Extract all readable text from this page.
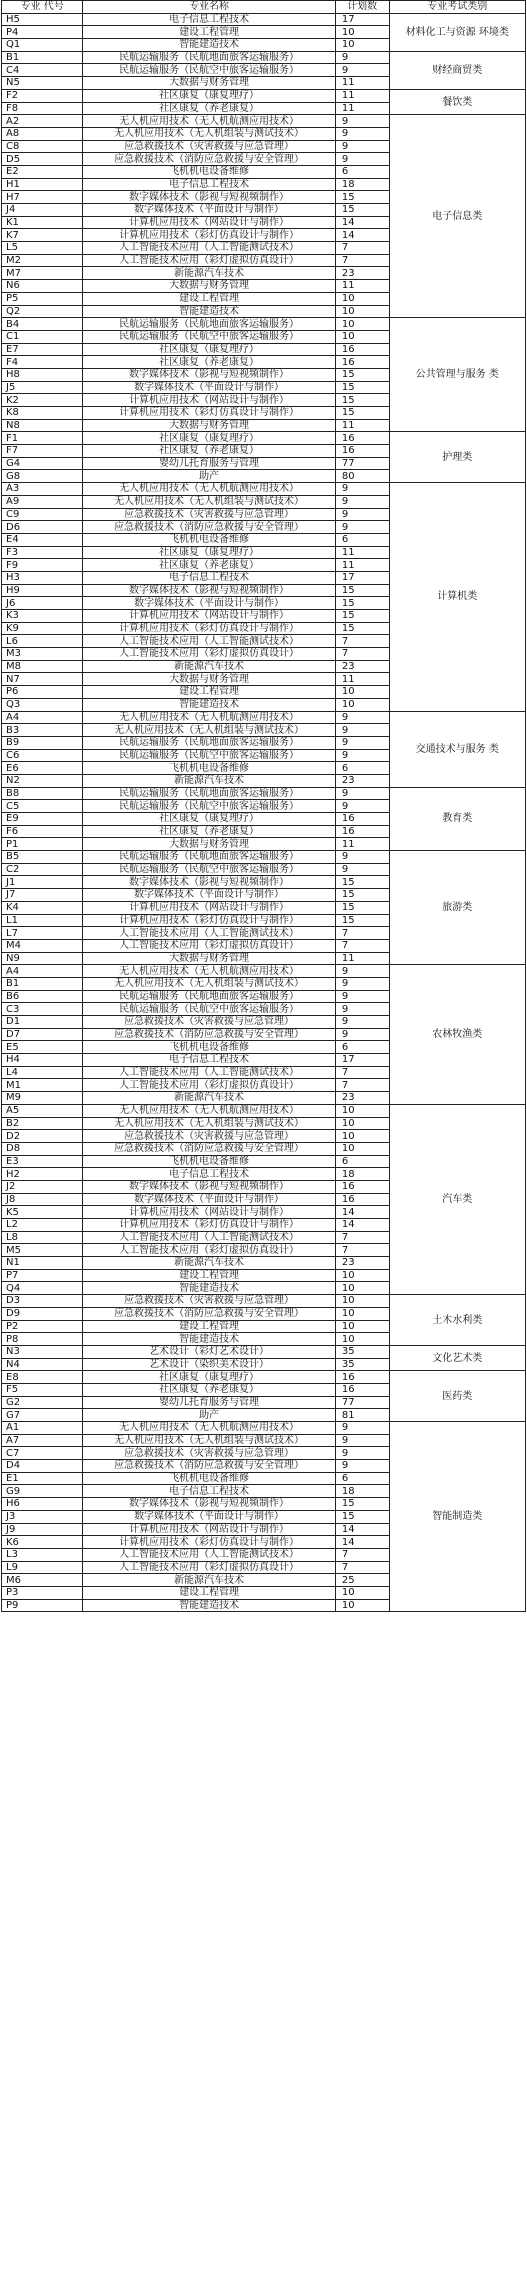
专业 代号	专业名称	计划数	专业考试类别
H5	电子信息工程技术	17	材料化工与资源 环境类
P4	建设工程管理	10	
Q1	智能建造技术	10	
B1	民航运输服务（民航地面旅客运输服务）	9	财经商贸类
C4	民航运输服务（民航空中旅客运输服务）	9	
N5	大数据与财务管理	11	
F2	社区康复（康复理疗）	11	餐饮类
F8	社区康复（养老康复）	11	
A2	无人机应用技术（无人机航测应用技术）	9	电子信息类
A8	无人机应用技术（无人机组装与测试技术）	9	
C8	应急救援技术（灾害救援与应急管理）	9	
D5	应急救援技术（消防应急救援与安全管理）	9	
E2	飞机机电设备维修	6	
H1	电子信息工程技术	18	
H7	数字媒体技术（影视与短视频制作）	15	
J4	数字媒体技术（平面设计与制作）	15	
K1	计算机应用技术（网站设计与制作）	14	
K7	计算机应用技术（彩灯仿真设计与制作）	14	
L5	人工智能技术应用（人工智能测试技术）	7	
M2	人工智能技术应用（彩灯虚拟仿真设计）	7	
M7	新能源汽车技术	23	
N6	大数据与财务管理	11	
P5	建设工程管理	10	
Q2	智能建造技术	10	
B4	民航运输服务（民航地面旅客运输服务）	10	公共管理与服务 类
C1	民航运输服务（民航空中旅客运输服务）	10	
E7	社区康复（康复理疗）	16	
F4	社区康复（养老康复）	16	
H8	数字媒体技术（影视与短视频制作）	15	
J5	数字媒体技术（平面设计与制作）	15	
K2	计算机应用技术（网站设计与制作）	15	
K8	计算机应用技术（彩灯仿真设计与制作）	15	
N8	大数据与财务管理	11	
F1	社区康复（康复理疗）	16	护理类
F7	社区康复（养老康复）	16	
G4	婴幼儿托育服务与管理	77	
G8	助产	80	
A3	无人机应用技术（无人机航测应用技术）	9	计算机类
A9	无人机应用技术（无人机组装与测试技术）	9	
C9	应急救援技术（灾害救援与应急管理）	9	
D6	应急救援技术（消防应急救援与安全管理）	9	
E4	飞机机电设备维修	6	
F3	社区康复（康复理疗）	11	
F9	社区康复（养老康复）	11	
H3	电子信息工程技术	17	
H9	数字媒体技术（影视与短视频制作）	15	
J6	数字媒体技术（平面设计与制作）	15	
K3	计算机应用技术（网站设计与制作）	15	
K9	计算机应用技术（彩灯仿真设计与制作）	15	
L6	人工智能技术应用（人工智能测试技术）	7	
M3	人工智能技术应用（彩灯虚拟仿真设计）	7	
M8	新能源汽车技术	23	
N7	大数据与财务管理	11	
P6	建设工程管理	10	
Q3	智能建造技术	10	
A4	无人机应用技术（无人机航测应用技术）	9	交通技术与服务 类
B3	无人机应用技术（无人机组装与测试技术）	9	
B9	民航运输服务（民航地面旅客运输服务）	9	
C6	民航运输服务（民航空中旅客运输服务）	9	
E6	飞机机电设备维修	6	
N2	新能源汽车技术	23	
B8	民航运输服务（民航地面旅客运输服务）	9	教育类
C5	民航运输服务（民航空中旅客运输服务）	9	
E9	社区康复（康复理疗）	16	
F6	社区康复（养老康复）	16	
P1	大数据与财务管理	11	
B5	民航运输服务（民航地面旅客运输服务）	9	旅游类
C2	民航运输服务（民航空中旅客运输服务）	9	
J1	数字媒体技术（影视与短视频制作）	15	
J7	数字媒体技术（平面设计与制作）	15	
K4	计算机应用技术（网站设计与制作）	15	
L1	计算机应用技术（彩灯仿真设计与制作）	15	
L7	人工智能技术应用（人工智能测试技术）	7	
M4	人工智能技术应用（彩灯虚拟仿真设计）	7	
N9	大数据与财务管理	11	
A4	无人机应用技术（无人机航测应用技术）	9	农林牧渔类
B1	无人机应用技术（无人机组装与测试技术）	9	
B6	民航运输服务（民航地面旅客运输服务）	9	
C3	民航运输服务（民航空中旅客运输服务）	9	
D1	应急救援技术（灾害救援与应急管理）	9	
D7	应急救援技术（消防应急救援与安全管理）	9	
E5	飞机机电设备维修	6	
H4	电子信息工程技术	17	
L4	人工智能技术应用（人工智能测试技术）	7	
M1	人工智能技术应用（彩灯虚拟仿真设计）	7	
M9	新能源汽车技术	23	
A5	无人机应用技术（无人机航测应用技术）	10	汽车类
B2	无人机应用技术（无人机组装与测试技术）	10	
D2	应急救援技术（灾害救援与应急管理）	10	
D8	应急救援技术（消防应急救援与安全管理）	10	
E3	飞机机电设备维修	6	
H2	电子信息工程技术	18	
J2	数字媒体技术（影视与短视频制作）	16	
J8	数字媒体技术（平面设计与制作）	16	
K5	计算机应用技术（网站设计与制作）	14	
L2	计算机应用技术（彩灯仿真设计与制作）	14	
L8	人工智能技术应用（人工智能测试技术）	7	
M5	人工智能技术应用（彩灯虚拟仿真设计）	7	
N1	新能源汽车技术	23	
P7	建设工程管理	10	
Q4	智能建造技术	10	
D3	应急救援技术（灾害救援与应急管理）	10	土木水利类
D9	应急救援技术（消防应急救援与安全管理）	10	
P2	建设工程管理	10	
P8	智能建造技术	10	
N3	艺术设计（彩灯艺术设计）	35	文化艺术类
N4	艺术设计（染织美术设计）	35	
E8	社区康复（康复理疗）	16	医药类
F5	社区康复（养老康复）	16	
G2	婴幼儿托育服务与管理	77	
G7	助产	81	
A1	无人机应用技术（无人机航测应用技术）	9	智能制造类
A7	无人机应用技术（无人机组装与测试技术）	9	
C7	应急救援技术（灾害救援与应急管理）	9	
D4	应急救援技术（消防应急救援与安全管理）	9	
E1	飞机机电设备维修	6	
G9	电子信息工程技术	18	
H6	数字媒体技术（影视与短视频制作）	15	
J3	数字媒体技术（平面设计与制作）	15	
J9	计算机应用技术（网站设计与制作）	14	
K6	计算机应用技术（彩灯仿真设计与制作）	14	
L3	人工智能技术应用（人工智能测试技术）	7	
L9	人工智能技术应用（彩灯虚拟仿真设计）	7	
M6	新能源汽车技术	25	
P3	建设工程管理	10	
P9	智能建造技术	10	
